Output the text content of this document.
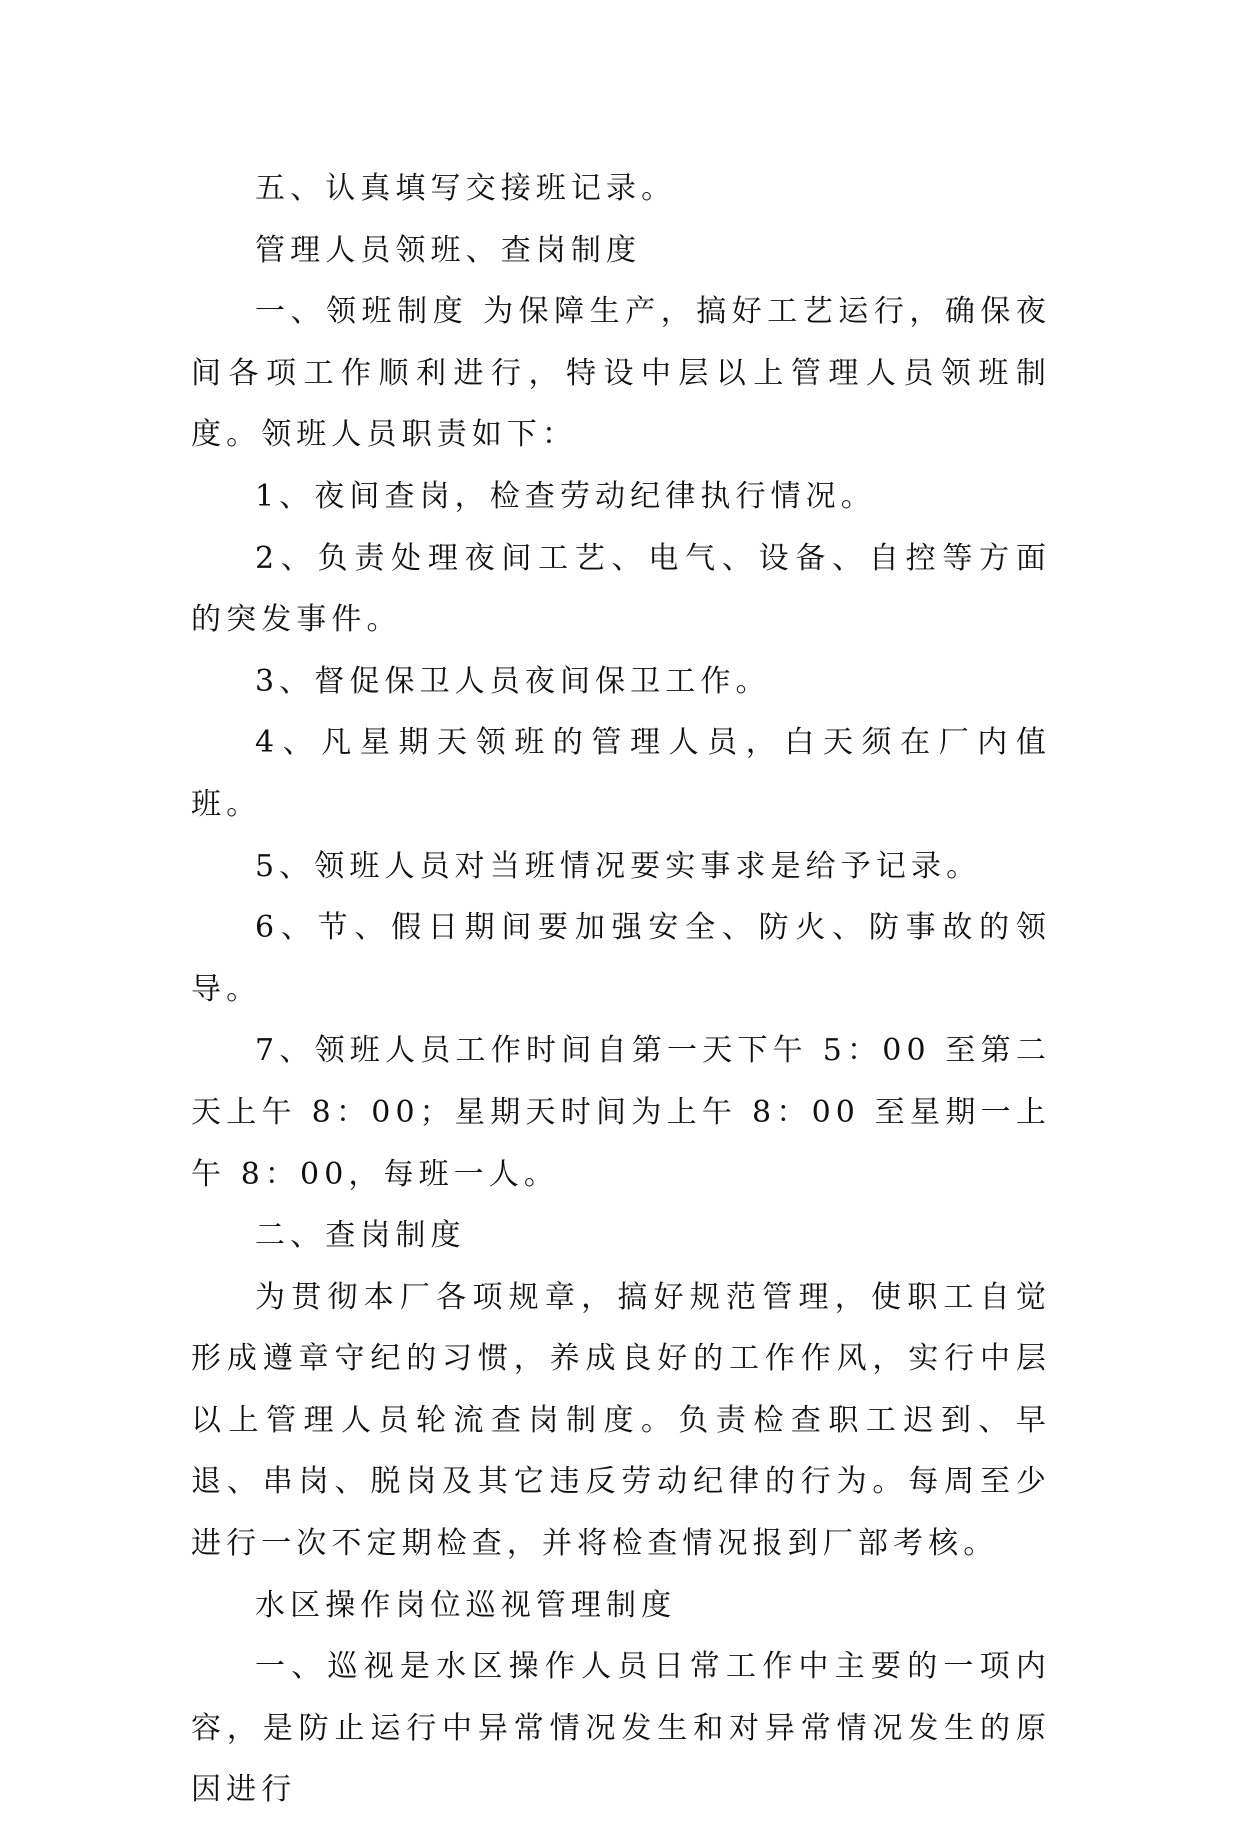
五、认真填写交接班记录。

管理人员领班、查岗制度

一、领班制度 为保障生产，搞好工艺运行，确保夜间各项工作顺利进行，特设中层以上管理人员领班制度。领班人员职责如下：

1、夜间查岗，检查劳动纪律执行情况。

2、负责处理夜间工艺、电气、设备、自控等方面的突发事件。

3、督促保卫人员夜间保卫工作。

4、凡星期天领班的管理人员，白天须在厂内值班。

5、领班人员对当班情况要实事求是给予记录。

6、节、假日期间要加强安全、防火、防事故的领导。

7、领班人员工作时间自第一天下午 5：00 至第二天上午 8：00；星期天时间为上午 8：00 至星期一上午 8：00，每班一人。

二、查岗制度

为贯彻本厂各项规章，搞好规范管理，使职工自觉形成遵章守纪的习惯，养成良好的工作作风，实行中层以上管理人员轮流查岗制度。负责检查职工迟到、早退、串岗、脱岗及其它违反劳动纪律的行为。每周至少进行一次不定期检查，并将检查情况报到厂部考核。

水区操作岗位巡视管理制度

一、巡视是水区操作人员日常工作中主要的一项内容，是防止运行中异常情况发生和对异常情况发生的原因进行
